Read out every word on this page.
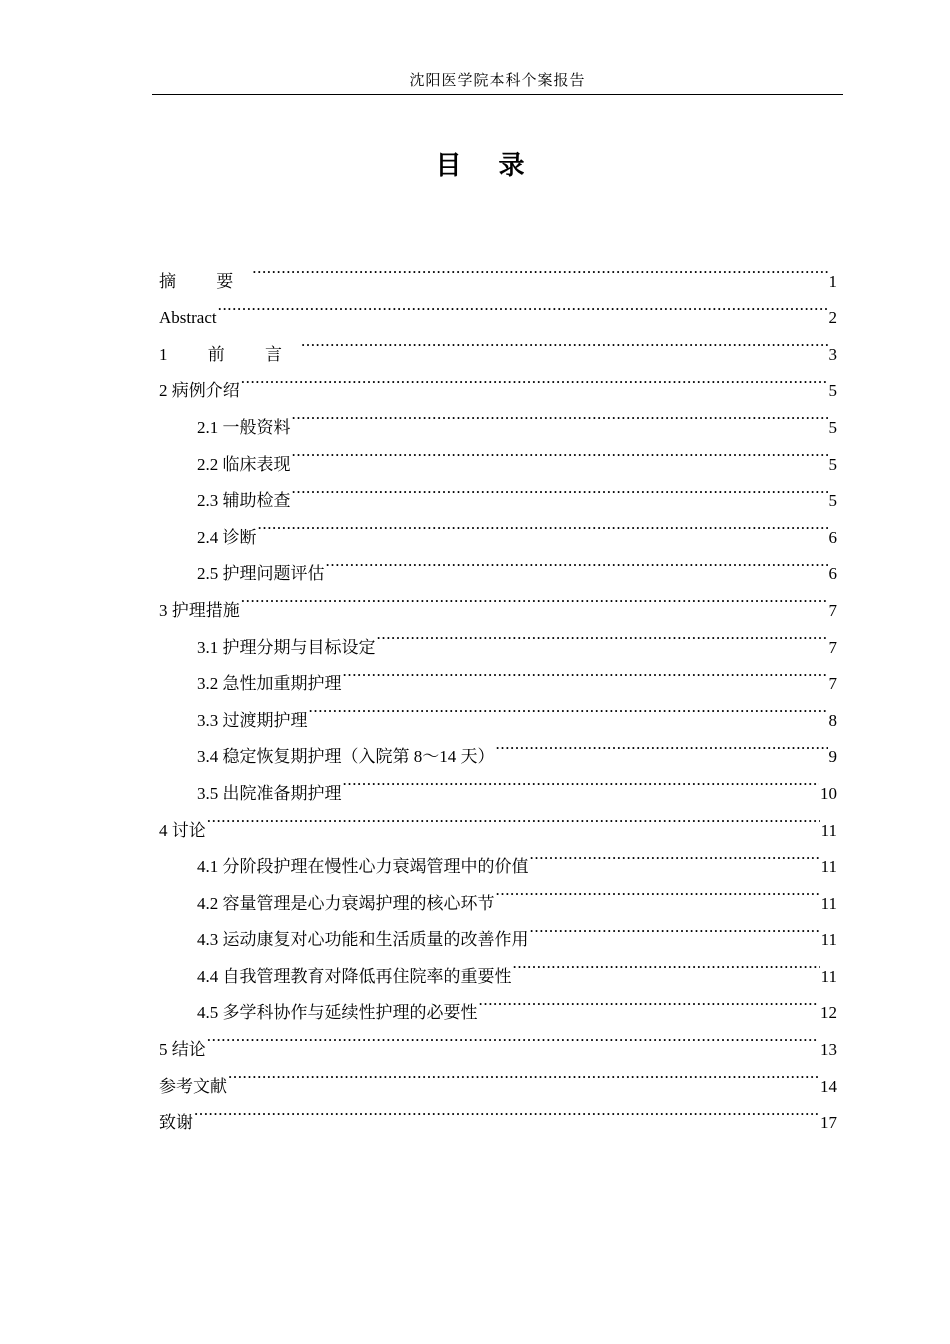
沈阳医学院本科个案报告
目 录
摘 要 .....	1
Abstract .....	2
1 前 言 .....	3
2 病例介绍 .....	5
2.1 一般资料 .....	5
2.2 临床表现 .....	5
2.3 辅助检查 .....	5
2.4 诊断 .....	6
2.5 护理问题评估 .....	6
3 护理措施 .....	7
3.1 护理分期与目标设定 .....	7
3.2 急性加重期护理 .....	7
3.3 过渡期护理 .....	8
3.4 稳定恢复期护理（入院第 8～14 天） .....	9
3.5 出院准备期护理 .....	10
4 讨论 .....	11
4.1 分阶段护理在慢性心力衰竭管理中的价值 .....	11
4.2 容量管理是心力衰竭护理的核心环节 .....	11
4.3 运动康复对心功能和生活质量的改善作用 .....	11
4.4 自我管理教育对降低再住院率的重要性 .....	11
4.5 多学科协作与延续性护理的必要性 .....	12
5 结论 .....	13
参考文献 .....	14
致谢 .....	17
